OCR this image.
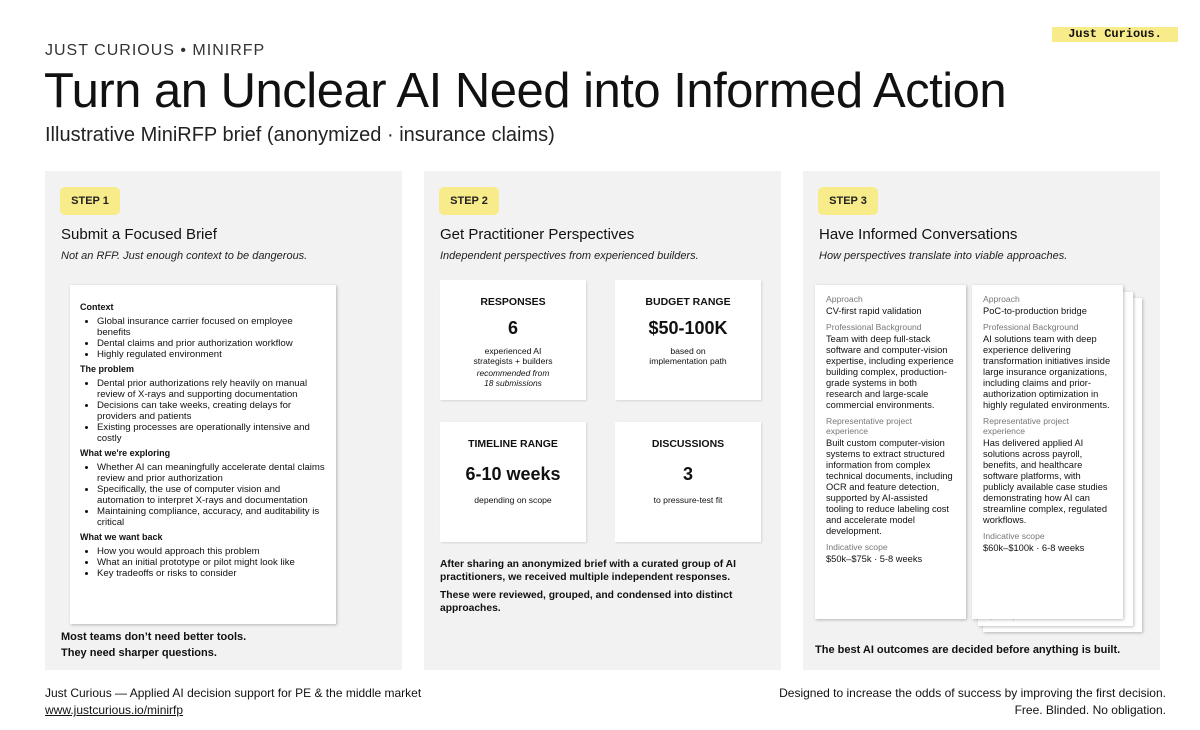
Just Curious.
JUST CURIOUS • MINIRFP
Turn an Unclear AI Need into Informed Action
Illustrative MiniRFP brief (anonymized · insurance claims)
STEP 1
Submit a Focused Brief
Not an RFP. Just enough context to be dangerous.
Context
• Global insurance carrier focused on employee benefits
• Dental claims and prior authorization workflow
• Highly regulated environment
The problem
• Dental prior authorizations rely heavily on manual review of X-rays and supporting documentation
• Decisions can take weeks, creating delays for providers and patients
• Existing processes are operationally intensive and costly
What we're exploring
• Whether AI can meaningfully accelerate dental claims review and prior authorization
• Specifically, the use of computer vision and automation to interpret X-rays and documentation
• Maintaining compliance, accuracy, and auditability is critical
What we want back
• How you would approach this problem
• What an initial prototype or pilot might look like
• Key tradeoffs or risks to consider
Most teams don’t need better tools.
They need sharper questions.
STEP 2
Get Practitioner Perspectives
Independent perspectives from experienced builders.
RESPONSES
6
experienced AI
strategists + builders
recommended from
18 submissions
BUDGET RANGE
$50-100K
based on
implementation path
TIMELINE RANGE
6-10 weeks
depending on scope
DISCUSSIONS
3
to pressure-test fit

After sharing an anonymized brief with a curated group of AI practitioners, we received multiple independent responses.

These were reviewed, grouped, and condensed into distinct approaches.

STEP 3
Have Informed Conversations
How perspectives translate into viable approaches.
Approach
CV-first rapid validation
Professional Background
Team with deep full-stack software and computer-vision expertise, including experience building complex, production-grade systems in both research and large-scale commercial environments.
Representative project experience
Built custom computer-vision systems to extract structured information from complex technical documents, including OCR and feature detection, supported by AI-assisted tooling to reduce labeling cost and accelerate model development.
Indicative scope
$50k–$75k · 5-8 weeks
Approach
PoC-to-production bridge
Professional Background
AI solutions team with deep experience delivering transformation initiatives inside large insurance organizations, including claims and prior-authorization optimization in highly regulated environments.
Representative project experience
Has delivered applied AI solutions across payroll, benefits, and healthcare software platforms, with publicly available case studies demonstrating how AI can streamline complex, regulated workflows.
Indicative scope
$60k–$100k · 6-8 weeks
The best AI outcomes are decided before anything is built.
Just Curious — Applied AI decision support for PE & the middle market
www.justcurious.io/minirfp
Designed to increase the odds of success by improving the first decision.
Free. Blinded. No obligation.
